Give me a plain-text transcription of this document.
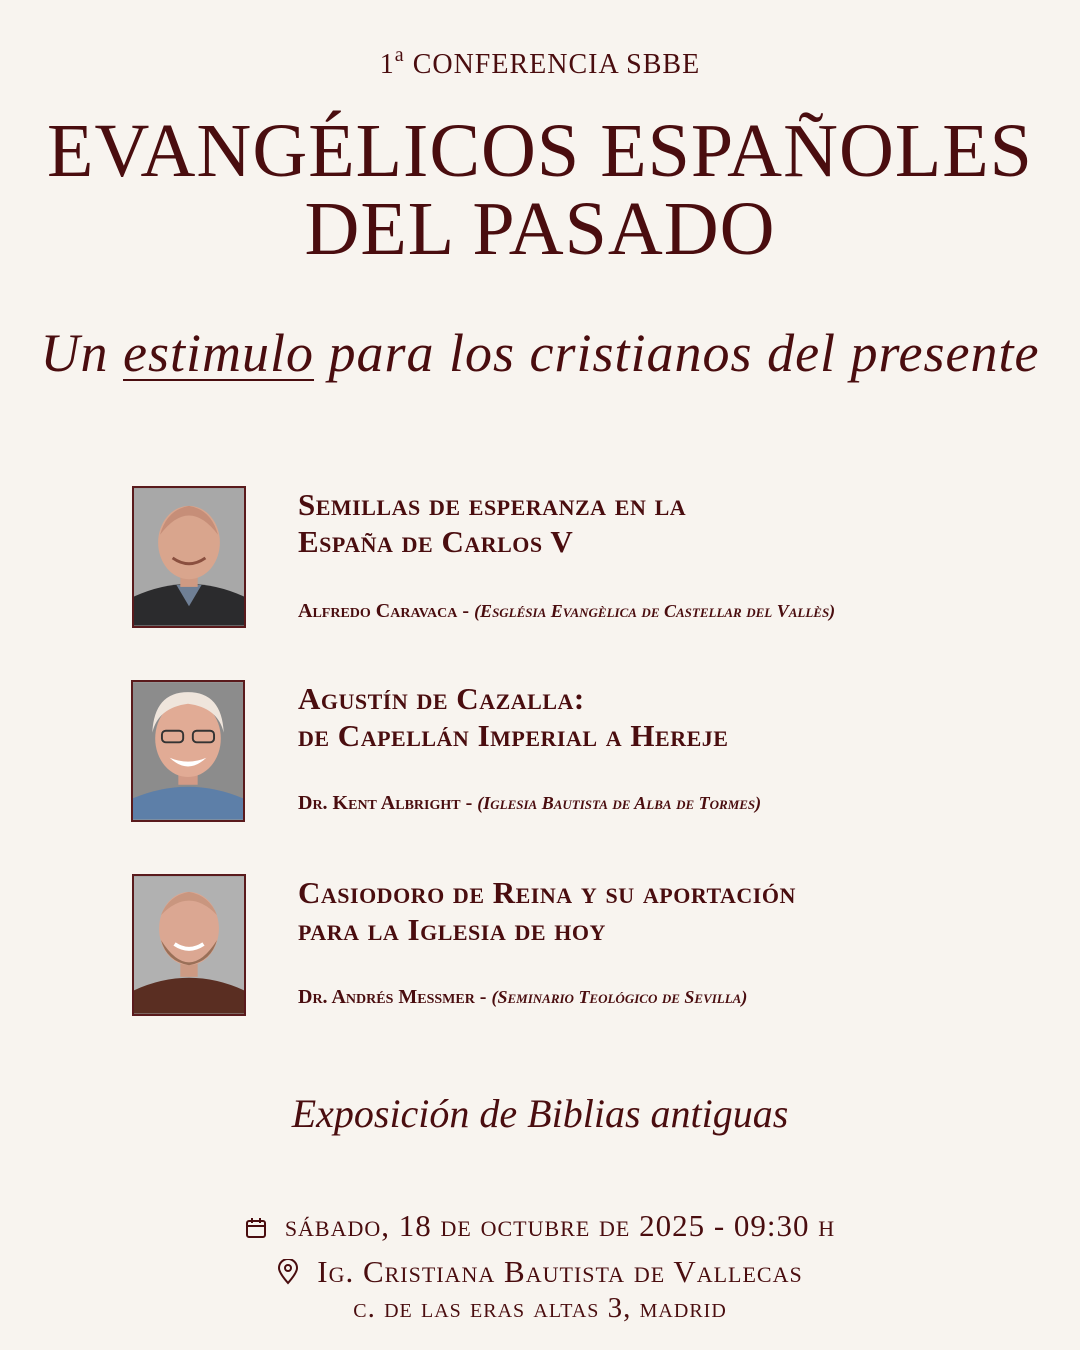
1$^a$ CONFERENCIA SBBE
EVANGÉLICOS ESPAÑOLES
DEL PASADO
Un estimulo para los cristianos del presente
Semillas de esperanza en la
España de Carlos V
Alfredo Caravaca - (Església Evangèlica de Castellar del Vallès)
Agustín de Cazalla:
de Capellán Imperial a Hereje
Dr. Kent Albright - (Iglesia Bautista de Alba de Tormes)
Casiodoro de Reina y su aportación
para la Iglesia de hoy
Dr. Andrés Messmer - (Seminario Teológico de Sevilla)
Exposición de Biblias antiguas
sábado, 18 de octubre de 2025 - 09:30 h
Ig. Cristiana Bautista de Vallecas
c. de las eras altas 3, madrid
